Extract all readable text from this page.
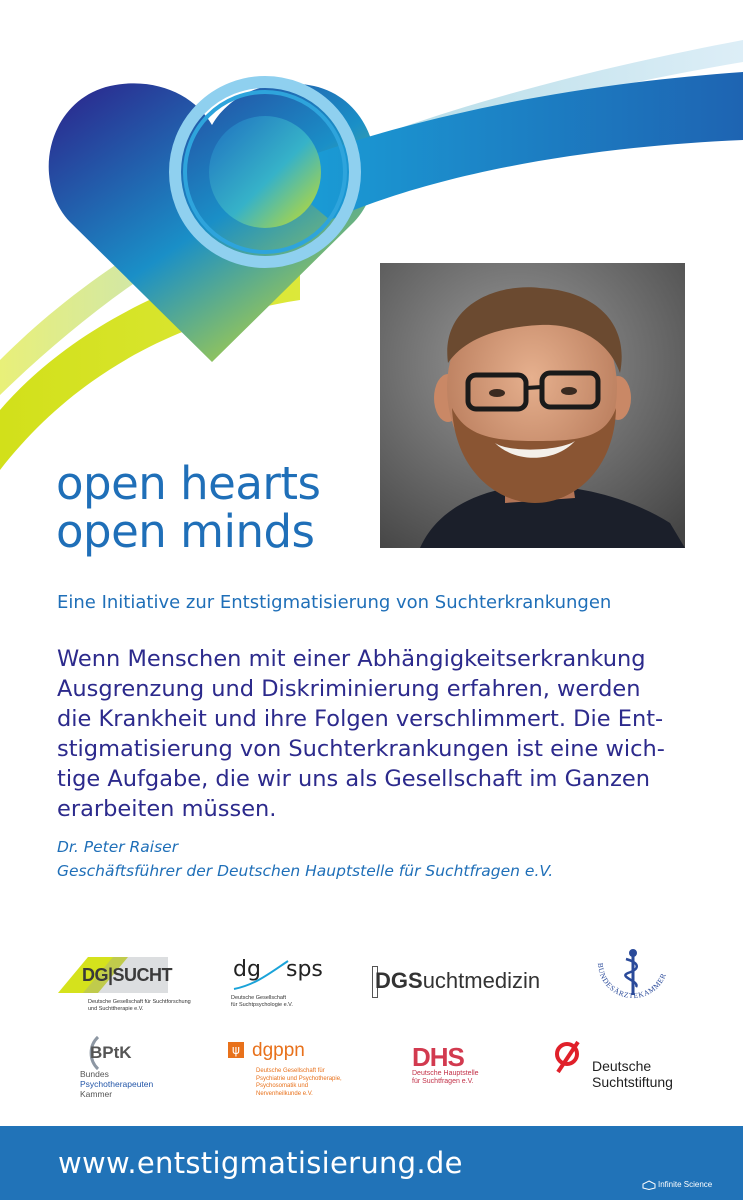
open hearts
open minds
Eine Initiative zur Entstigmatisierung von Suchterkrankungen
Wenn Menschen mit einer Abhängigkeitserkrankung
Ausgrenzung und Diskriminierung erfahren, werden
die Krankheit und ihre Folgen verschlimmert. Die Ent-
stigmatisierung von Suchterkrankungen ist eine wich-
tige Aufgabe, die wir uns als Gesellschaft im Ganzen
erarbeiten müssen.
Dr. Peter Raiser
Geschäftsführer der Deutschen Hauptstelle für Suchtfragen e.V.
DG|SUCHT
Deutsche Gesellschaft für Suchtforschung
und Suchttherapie e.V.
dg sps
Deutsche Gesellschaft
für Suchtpsychologie e.V.
DGSuchtmedizin
BUNDESÄRZTEKAMMER
BPtK
Bundes
Psychotherapeuten
Kammer
ψ dgppn
Deutsche Gesellschaft für
Psychiatrie und Psychotherapie,
Psychosomatik und
Nervenheilkunde e.V.
DHS
Deutsche Hauptstelle
für Suchtfragen e.V.
Deutsche
Suchtstiftung
www.entstigmatisierung.de
Infinite Science
